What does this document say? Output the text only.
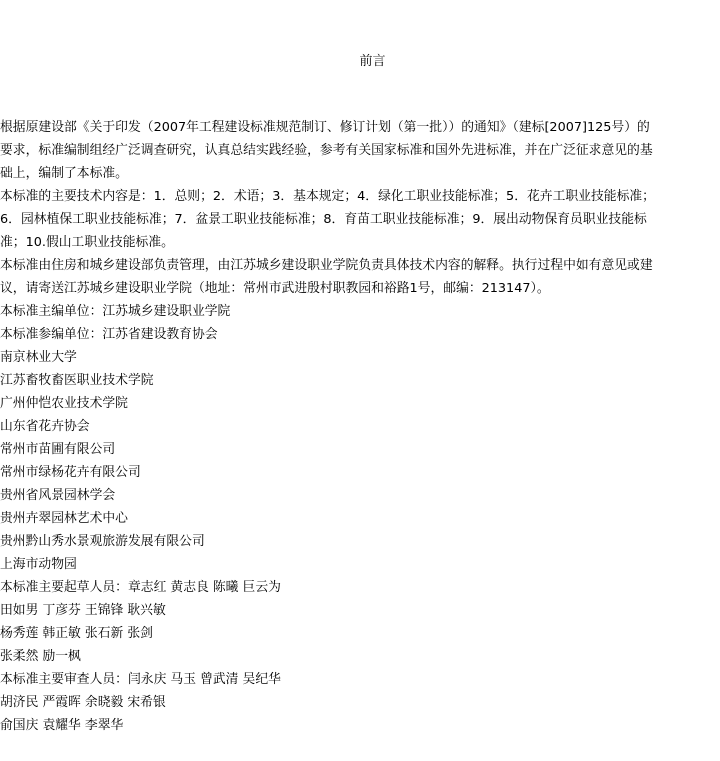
前言
根据原建设部《关于印发（2007年工程建设标准规范制订、修订计划（第一批））的通知》（建标[2007]125号）的
要求，标准编制组经广泛调查研究，认真总结实践经验，参考有关国家标准和国外先进标准，并在广泛征求意见的基
础上，编制了本标准。
本标准的主要技术内容是：1．总则；2．术语；3．基本规定；4．绿化工职业技能标准；5．花卉工职业技能标准；
6．园林植保工职业技能标准；7．盆景工职业技能标准；8．育苗工职业技能标准；9．展出动物保育员职业技能标
准；10.假山工职业技能标准。
本标准由住房和城乡建设部负责管理，由江苏城乡建设职业学院负责具体技术内容的解释。执行过程中如有意见或建
议，请寄送江苏城乡建设职业学院（地址：常州市武进殷村职教园和裕路1号，邮编：213147）。
本标准主编单位：江苏城乡建设职业学院
本标准参编单位：江苏省建设教育协会
南京林业大学
江苏畜牧畜医职业技术学院
广州仲恺农业技术学院
山东省花卉协会
常州市苗圃有限公司
常州市绿杨花卉有限公司
贵州省风景园林学会
贵州卉翠园林艺术中心
贵州黔山秀水景观旅游发展有限公司
上海市动物园
本标准主要起草人员：章志红 黄志良 陈曦 巨云为
田如男 丁彦芬 王锦锋 耿兴敏
杨秀莲 韩正敏 张石新 张剑
张柔然 励一枫
本标准主要审查人员：闫永庆 马玉 曾武清 吴纪华
胡济民 严霞晖 余晓毅 宋希银
俞国庆 袁耀华 李翠华
